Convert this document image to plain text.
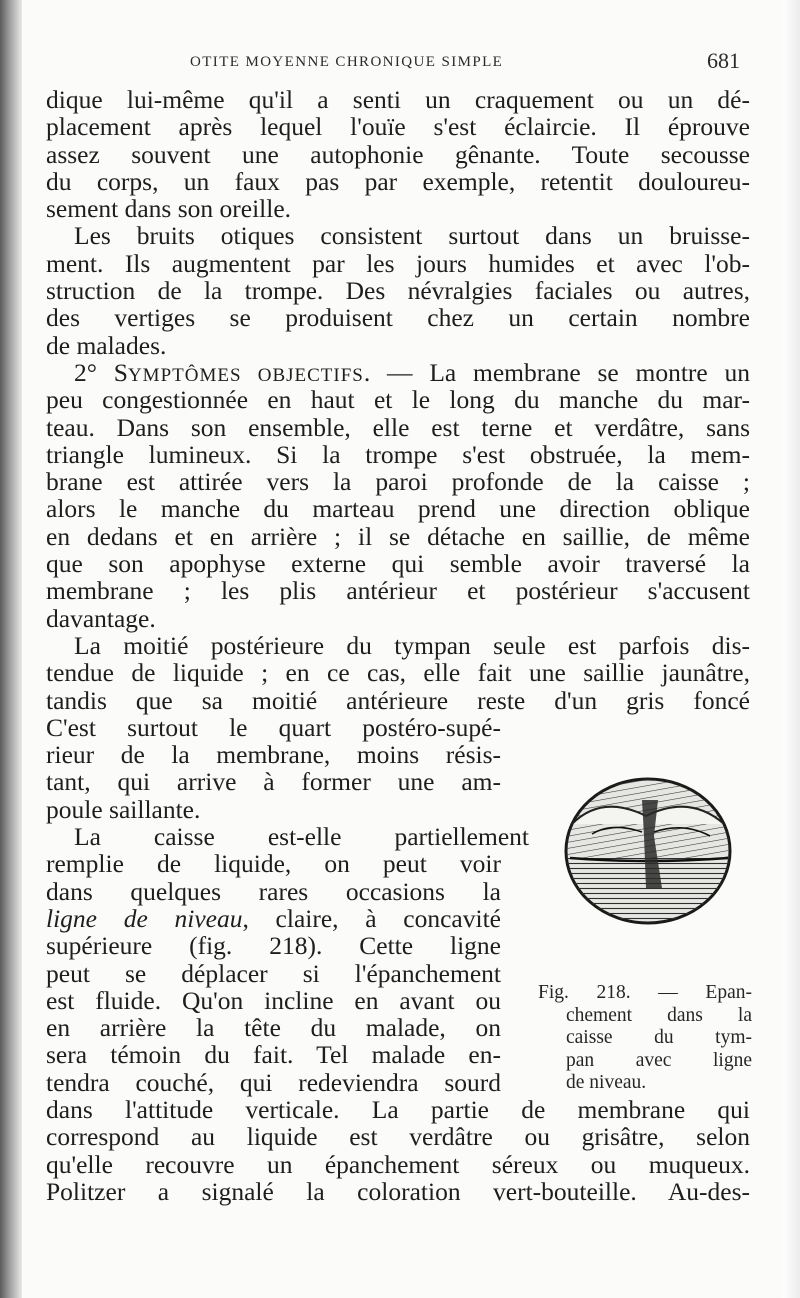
OTITE MOYENNE CHRONIQUE SIMPLE	681
dique lui-même qu'il a senti un craquement ou un dé-
placement après lequel l'ouïe s'est éclaircie. Il éprouve
assez souvent une autophonie gênante. Toute secousse
du corps, un faux pas par exemple, retentit douloureu-
sement dans son oreille.
Les bruits otiques consistent surtout dans un bruisse-
ment. Ils augmentent par les jours humides et avec l'ob-
struction de la trompe. Des névralgies faciales ou autres,
des vertiges se produisent chez un certain nombre
de malades.
2° SYMPTÔMES OBJECTIFS. — La membrane se montre un
peu congestionnée en haut et le long du manche du mar-
teau. Dans son ensemble, elle est terne et verdâtre, sans
triangle lumineux. Si la trompe s'est obstruée, la mem-
brane est attirée vers la paroi profonde de la caisse ;
alors le manche du marteau prend une direction oblique
en dedans et en arrière ; il se détache en saillie, de même
que son apophyse externe qui semble avoir traversé la
membrane ; les plis antérieur et postérieur s'accusent
davantage.
La moitié postérieure du tympan seule est parfois dis-
tendue de liquide ; en ce cas, elle fait une saillie jaunâtre,
tandis que sa moitié antérieure reste d'un gris foncé
C'est surtout le quart postéro-supé-
rieur de la membrane, moins résis-
tant, qui arrive à former une am-
poule saillante.
La caisse est-elle partiellement
remplie de liquide, on peut voir
dans quelques rares occasions la
ligne de niveau, claire, à concavité
supérieure (fig. 218). Cette ligne
peut se déplacer si l'épanchement
est fluide. Qu'on incline en avant ou
en arrière la tête du malade, on
sera témoin du fait. Tel malade en-
tendra couché, qui redeviendra sourd
dans l'attitude verticale. La partie de membrane qui
correspond au liquide est verdâtre ou grisâtre, selon
qu'elle recouvre un épanchement séreux ou muqueux.
Politzer a signalé la coloration vert-bouteille. Au-des-
Fig. 218. — Epan-
chement dans la
caisse du tym-
pan avec ligne
de niveau.
